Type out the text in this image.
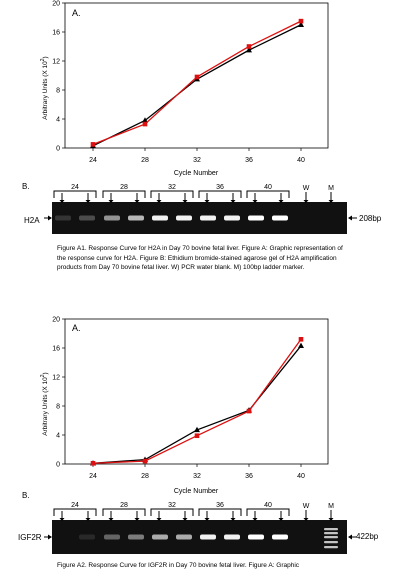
A.
Arbitrary Units (X $10^2$)
Cycle Number
0
4
8
12
16
20
24	28	32	36	40
B.
H2A	208bp
24	28	32	36	40	W	M

Figure A1. Response Curve for H2A in Day 70 bovine fetal liver. Figure A: Graphic representation of the response curve for H2A. Figure B: Ethidium bromide-stained agarose gel of H2A amplification products from Day 70 bovine fetal liver. W) PCR water blank. M) 100bp ladder marker.

A.
Arbitrary Units (X $10^2$)
Cycle Number
0
4
8
12
16
20
24	28	32	36	40
B.
IGF2R	422bp
24	28	32	36	40	W	M

Figure A2. Response Curve for IGF2R in Day 70 bovine fetal liver. Figure A: Graphic
